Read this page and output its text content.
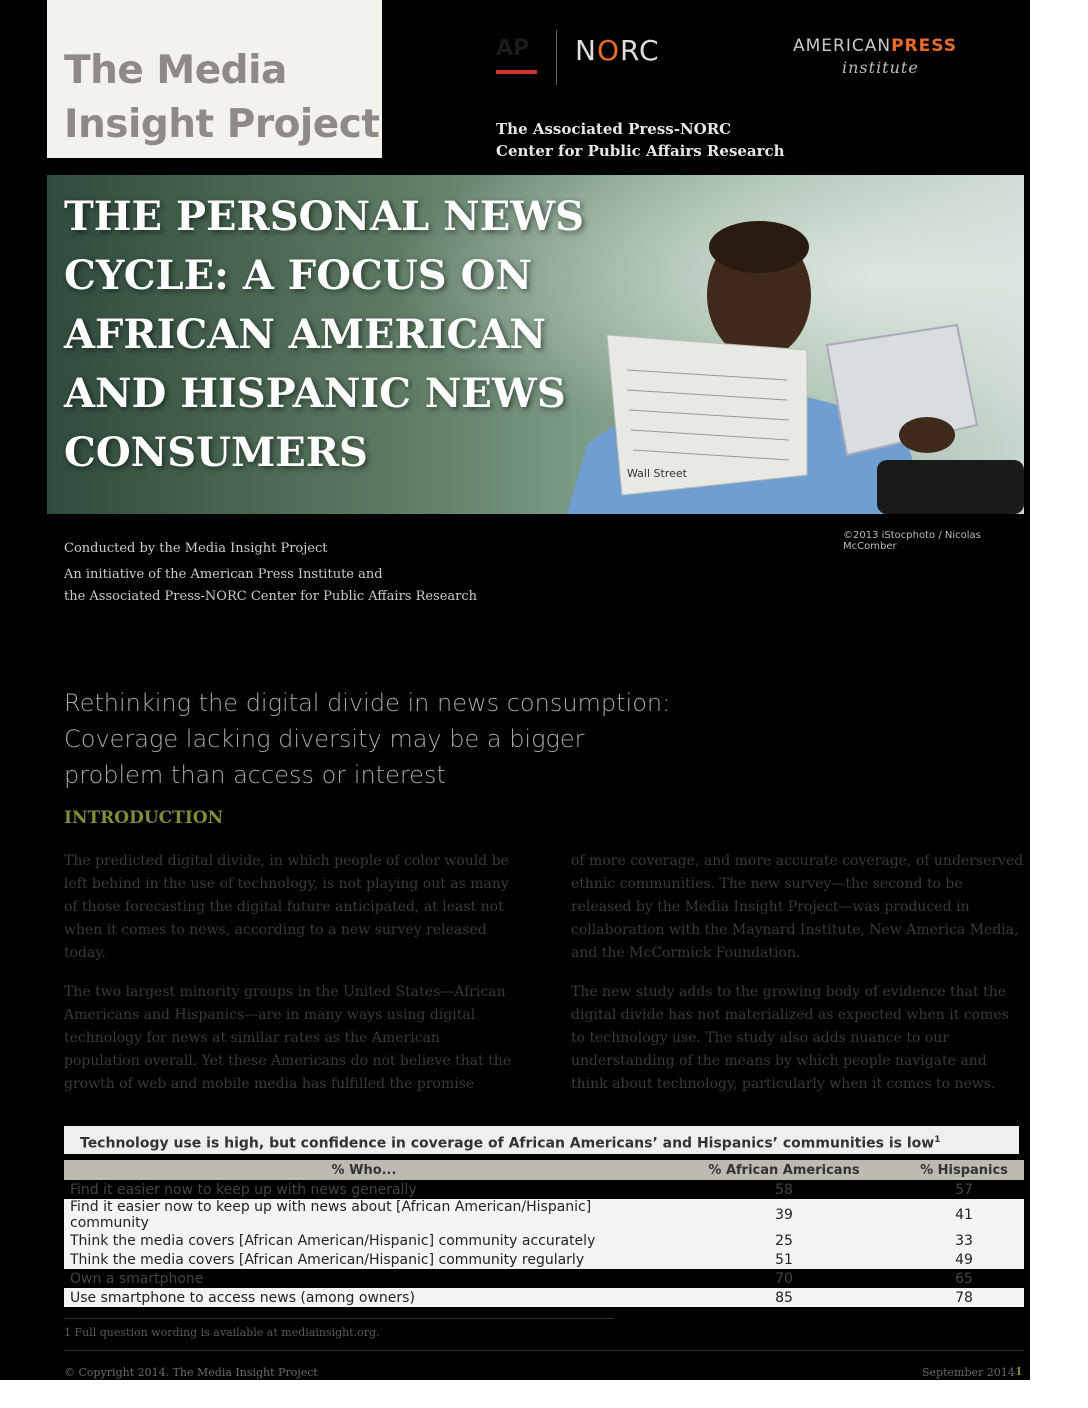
The Media
Insight Project
AP NORC	AMERICANPRESS
institute
The Associated Press-NORC
Center for Public Affairs Research
Wall Street
THE PERSONAL NEWS
CYCLE: A FOCUS ON
AFRICAN AMERICAN
AND HISPANIC NEWS
CONSUMERS
©2013 iStocphoto / Nicolas McComber
Conducted by the Media Insight Project
An initiative of the American Press Institute and
the Associated Press-NORC Center for Public Affairs Research
Rethinking the digital divide in news consumption:
Coverage lacking diversity may be a bigger
problem than access or interest
INTRODUCTION

The predicted digital divide, in which people of color would be left behind in the use of technology, is not playing out as many of those forecasting the digital future anticipated, at least not when it comes to news, according to a new survey released today.

The two largest minority groups in the United States—African Americans and Hispanics—are in many ways using digital technology for news at similar rates as the American population overall. Yet these Americans do not believe that the growth of web and mobile media has fulfilled the promise

of more coverage, and more accurate coverage, of underserved ethnic communities. The new survey—the second to be released by the Media Insight Project—was produced in collaboration with the Maynard Institute, New America Media, and the McCormick Foundation.

The new study adds to the growing body of evidence that the digital divide has not materialized as expected when it comes to technology use. The study also adds nuance to our understanding of the means by which people navigate and think about technology, particularly when it comes to news.

Technology use is high, but confidence in coverage of African Americans’ and Hispanics’ communities is low$^1$
% Who...	% African Americans	% Hispanics
Find it easier now to keep up with news generally	58	57
Find it easier now to keep up with news about [African American/Hispanic] community	39	41
Think the media covers [African American/Hispanic] community accurately	25	33
Think the media covers [African American/Hispanic] community regularly	51	49
Own a smartphone	70	65
Use smartphone to access news (among owners)	85	78
1 Full question wording is available at mediainsight.org.
© Copyright 2014. The Media Insight Project	September 2014 1
